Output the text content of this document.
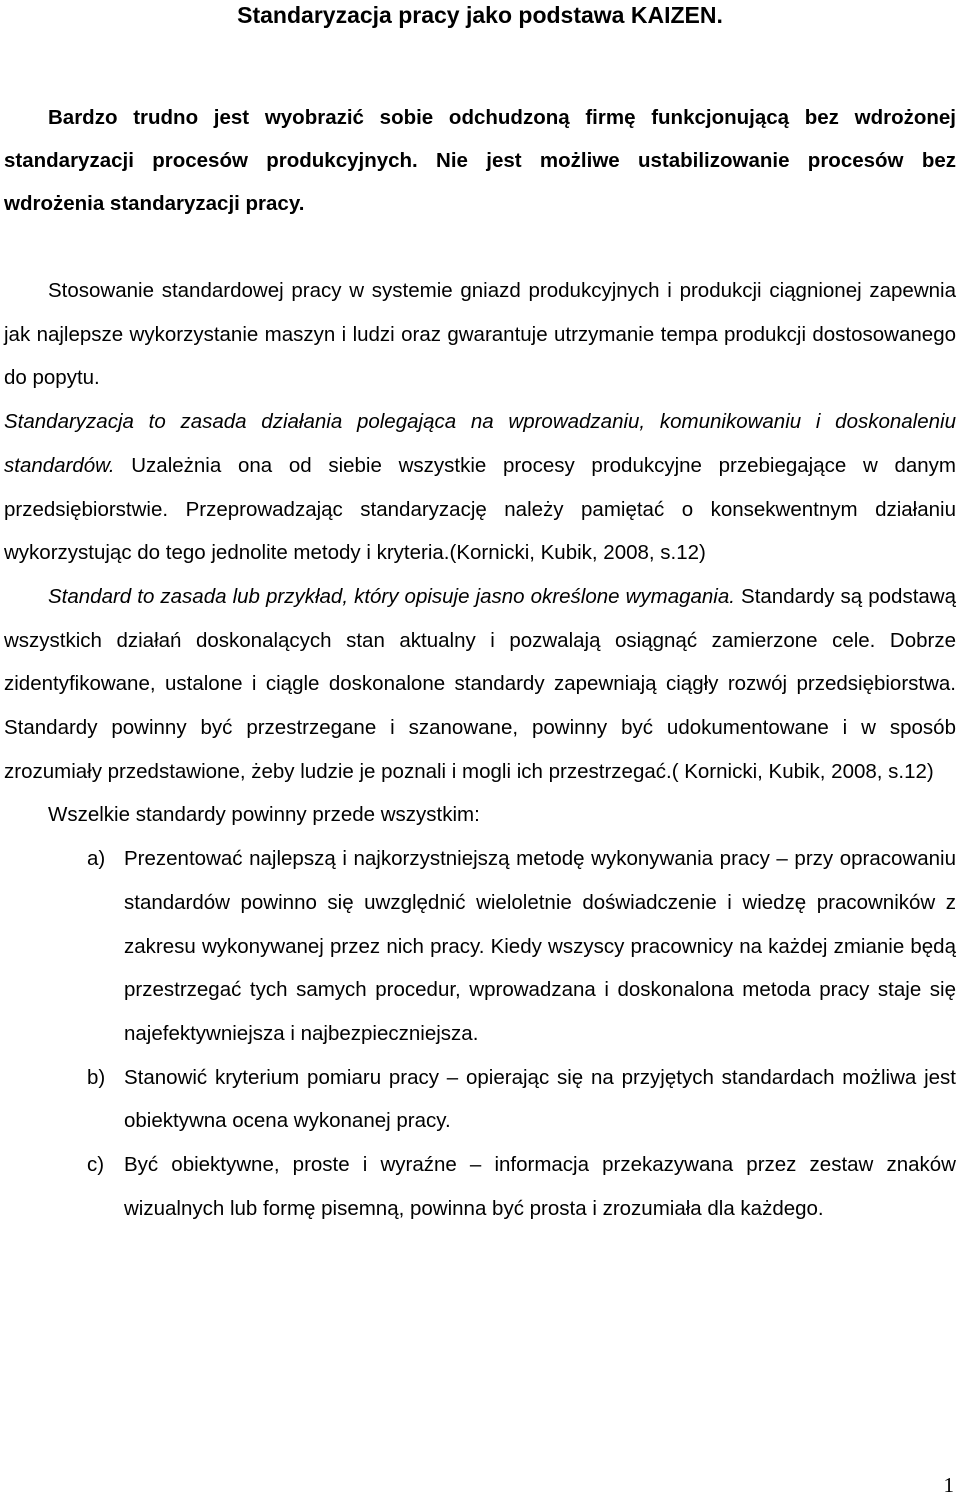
Standaryzacja pracy jako podstawa KAIZEN.

Bardzo trudno jest wyobrazić sobie odchudzoną firmę funkcjonującą bez wdrożonej standaryzacji procesów produkcyjnych. Nie jest możliwe ustabilizowanie procesów bez wdrożenia standaryzacji pracy.

Stosowanie standardowej pracy w systemie gniazd produkcyjnych i produkcji ciągnionej zapewnia jak najlepsze wykorzystanie maszyn i ludzi oraz gwarantuje utrzymanie tempa produkcji dostosowanego do popytu.
Standaryzacja to zasada działania polegająca na wprowadzaniu, komunikowaniu i doskonaleniu standardów. Uzależnia ona od siebie wszystkie procesy produkcyjne przebiegające w danym przedsiębiorstwie. Przeprowadzając standaryzację należy pamiętać o konsekwentnym działaniu wykorzystując do tego jednolite metody i kryteria.(Kornicki, Kubik, 2008, s.12)

Standard to zasada lub przykład, który opisuje jasno określone wymagania. Standardy są podstawą wszystkich działań doskonalących stan aktualny i pozwalają osiągnąć zamierzone cele. Dobrze zidentyfikowane, ustalone i ciągle doskonalone standardy zapewniają ciągły rozwój przedsiębiorstwa. Standardy powinny być przestrzegane i szanowane, powinny być udokumentowane i w sposób zrozumiały przedstawione, żeby ludzie je poznali i mogli ich przestrzegać.( Kornicki, Kubik, 2008, s.12)

Wszelkie standardy powinny przede wszystkim:

a) Prezentować najlepszą i najkorzystniejszą metodę wykonywania pracy – przy opracowaniu standardów powinno się uwzględnić wieloletnie doświadczenie i wiedzę pracowników z zakresu wykonywanej przez nich pracy. Kiedy wszyscy pracownicy na każdej zmianie będą przestrzegać tych samych procedur, wprowadzana i doskonalona metoda pracy staje się najefektywniejsza i najbezpieczniejsza.
b) Stanowić kryterium pomiaru pracy – opierając się na przyjętych standardach możliwa jest obiektywna ocena wykonanej pracy.
c) Być obiektywne, proste i wyraźne – informacja przekazywana przez zestaw znaków wizualnych lub formę pisemną, powinna być prosta i zrozumiała dla każdego.
1
